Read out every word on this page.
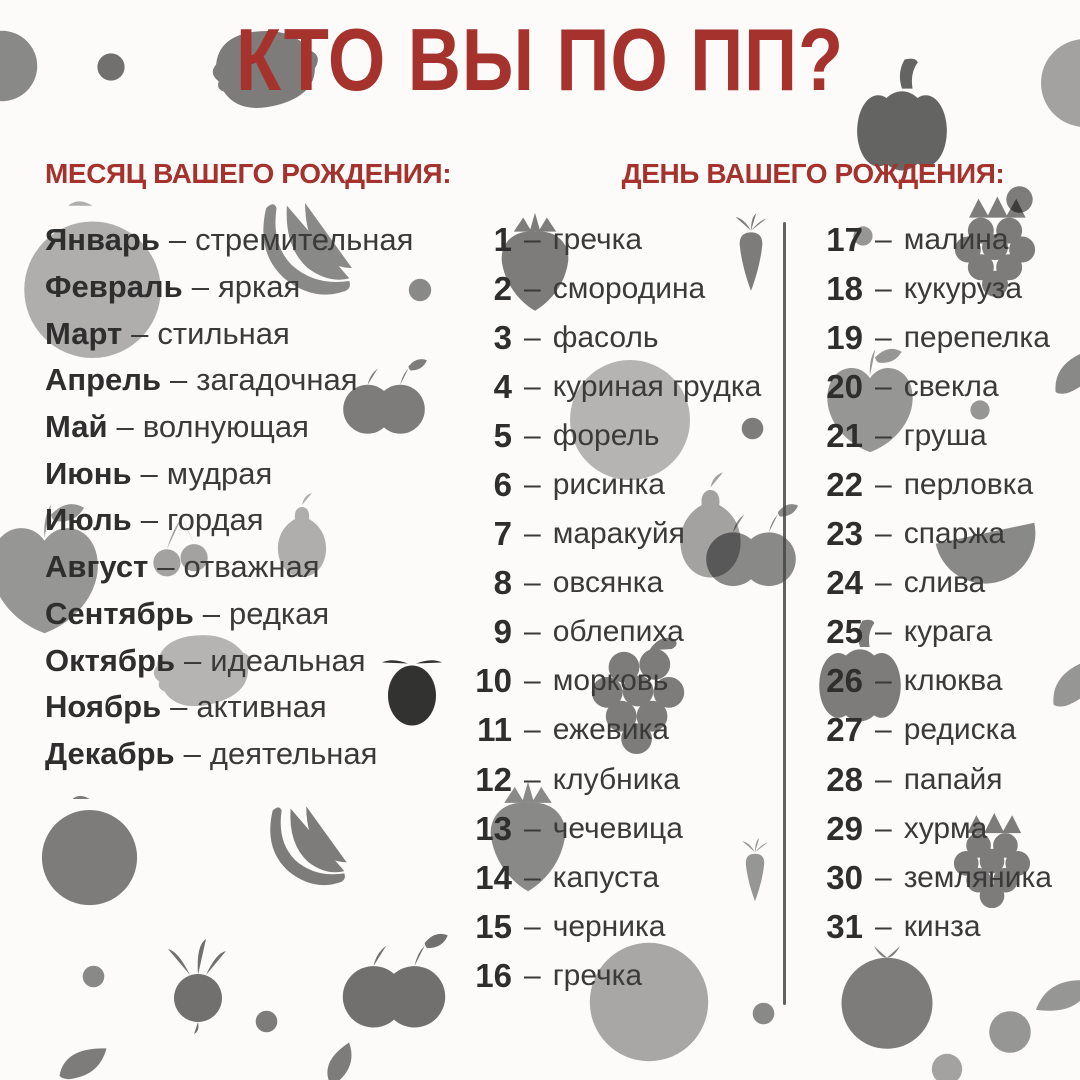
КТО ВЫ ПО ПП?
МЕСЯЦ ВАШЕГО РОЖДЕНИЯ:	ДЕНЬ ВАШЕГО РОЖДЕНИЯ:
Январь – стремительная
Февраль – яркая
Март – стильная
Апрель – загадочная
Май – волнующая
Июнь – мудрая
Июль – гордая
Август – отважная
Сентябрь – редкая
Октябрь – идеальная
Ноябрь – активная
Декабрь – деятельная
1 – гречка
2 – смородина
3 – фасоль
4 – куриная грудка
5 – форель
6 – рисинка
7 – маракуйя
8 – овсянка
9 – облепиха
10 – морковь
11 – ежевика
12 – клубника
13 – чечевица
14 – капуста
15 – черника
16 – гречка
17 – малина
18 – кукуруза
19 – перепелка
20 – свекла
21 – груша
22 – перловка
23 – спаржа
24 – слива
25 – курага
26 – клюква
27 – редиска
28 – папайя
29 – хурма
30 – земляника
31 – кинза
